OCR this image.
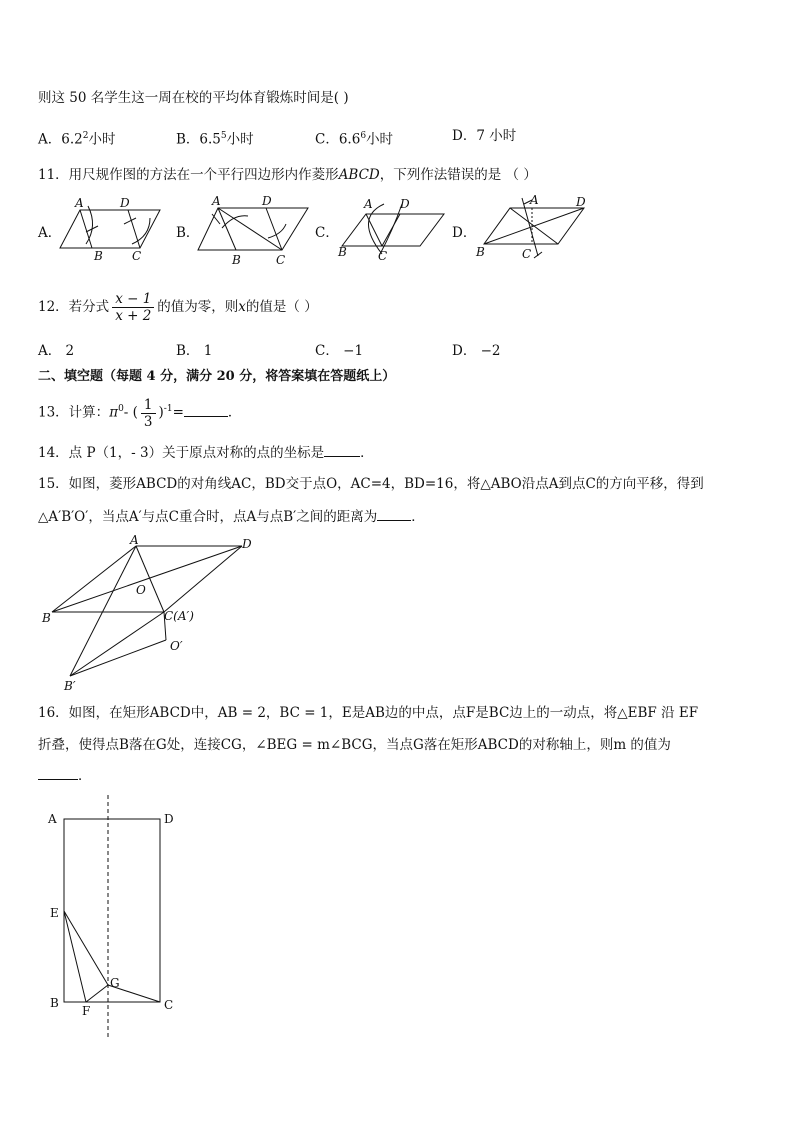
则这 50 名学生这一周在校的平均体育锻炼时间是( )
A．$6.2^2$小时	B．$6.5^5$小时	C．$6.6^6$小时	D．7 小时
11．用尺规作图的方法在一个平行四边形内作菱形ABCD，下列作法错误的是 （ ）
A．	B．	C．	D．
A	D
B C
A	D
B	C
A D
B	C
A	D
B	C
12．若分式 $\frac{x - 1}{x + 2}$ 的值为零，则x的值是（ ）
A． 2	B． 1	C． −1	D． −2
二、填空题（每题 4 分，满分 20 分，将答案填在答题纸上）
13．计算：$\pi^0-$ ( $\frac{1}{3} )^{-1}=$	．
14．点 P（1，- 3）关于原点对称的点的坐标是	．
15．如图，菱形ABCD的对角线AC，BD交于点O，AC=4，BD=16，将△ABO沿点A到点C的方向平移，得到
△A′B′O′，当点A′与点C重合时，点A与点B′之间的距离为	．
A	D
O
B	C(A′)
O′
B′
16．如图，在矩形ABCD中，AB = 2，BC = 1，E是AB边的中点，点F是BC边上的一动点，将△EBF 沿 EF
折叠，使得点B落在G处，连接CG，∠BEG = m∠BCG，当点G落在矩形ABCD的对称轴上，则m 的值为
．
A	D
E
G
B
F	C
